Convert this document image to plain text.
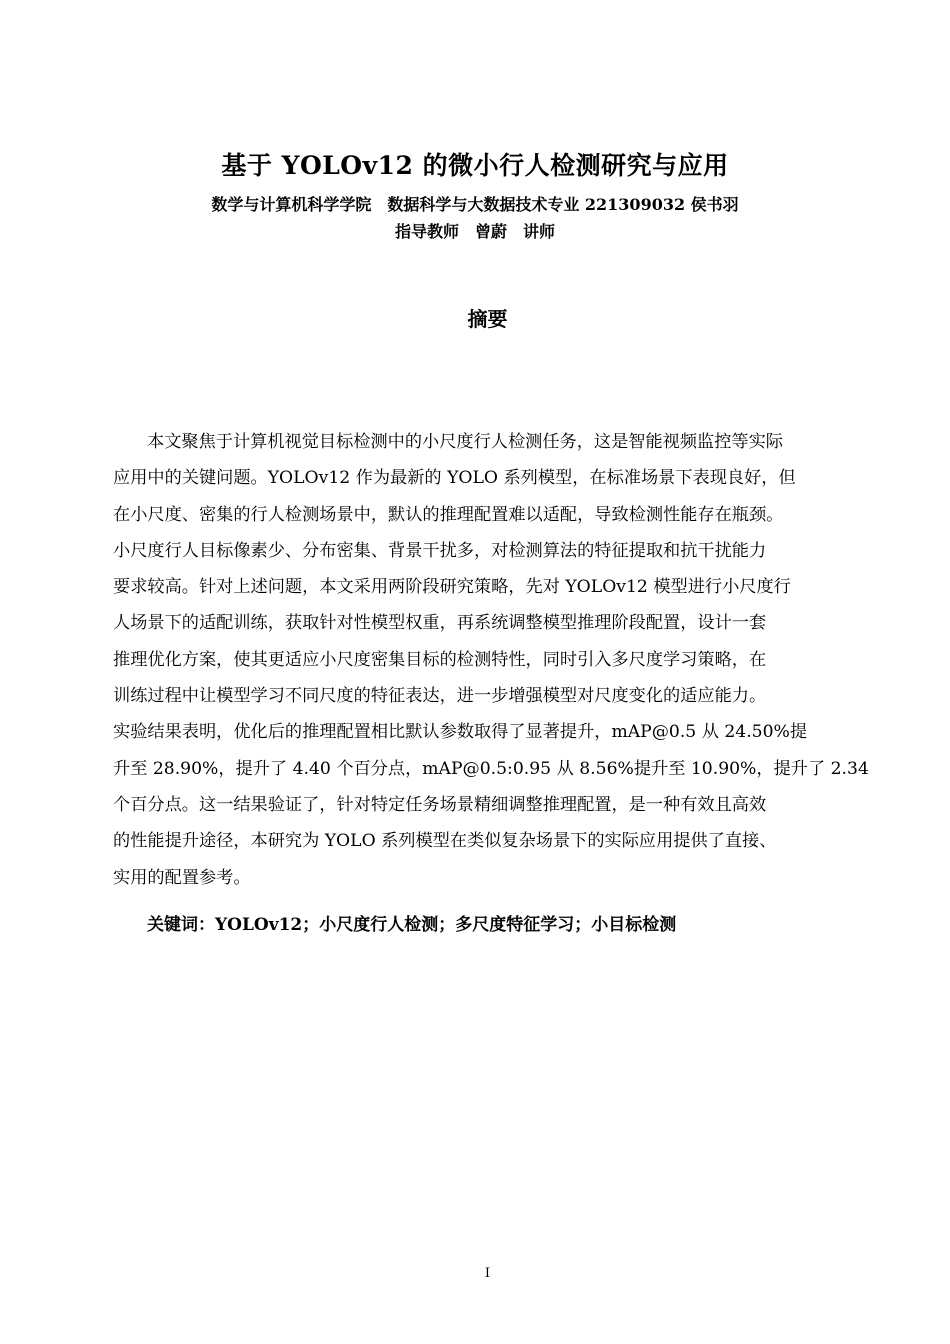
基于 YOLOv12 的微小行人检测研究与应用
数学与计算机科学学院　数据科学与大数据技术专业 221309032 侯书羽
指导教师　曾蔚　讲师
摘要
本文聚焦于计算机视觉目标检测中的小尺度行人检测任务，这是智能视频监控等实际
应用中的关键问题。YOLOv12 作为最新的 YOLO 系列模型，在标准场景下表现良好，但
在小尺度、密集的行人检测场景中，默认的推理配置难以适配，导致检测性能存在瓶颈。
小尺度行人目标像素少、分布密集、背景干扰多，对检测算法的特征提取和抗干扰能力
要求较高。针对上述问题，本文采用两阶段研究策略，先对 YOLOv12 模型进行小尺度行
人场景下的适配训练，获取针对性模型权重，再系统调整模型推理阶段配置，设计一套
推理优化方案，使其更适应小尺度密集目标的检测特性，同时引入多尺度学习策略，在
训练过程中让模型学习不同尺度的特征表达，进一步增强模型对尺度变化的适应能力。
实验结果表明，优化后的推理配置相比默认参数取得了显著提升，mAP@0.5 从 24.50%提
升至 28.90%，提升了 4.40 个百分点，mAP@0.5:0.95 从 8.56%提升至 10.90%，提升了 2.34
个百分点。这一结果验证了，针对特定任务场景精细调整推理配置，是一种有效且高效
的性能提升途径，本研究为 YOLO 系列模型在类似复杂场景下的实际应用提供了直接、
实用的配置参考。
关键词：YOLOv12；小尺度行人检测；多尺度特征学习；小目标检测
I
